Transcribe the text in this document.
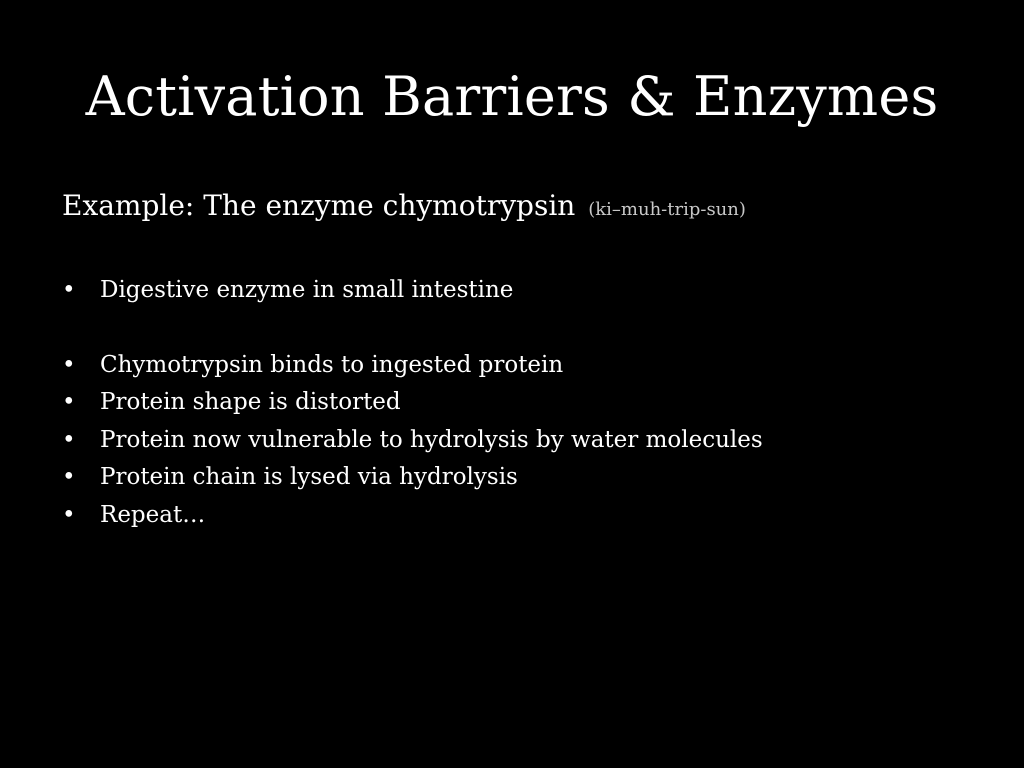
Activation Barriers & Enzymes
Example: The enzyme chymotrypsin (ki–muh-trip-sun)
• Digestive enzyme in small intestine
• Chymotrypsin binds to ingested protein
• Protein shape is distorted
• Protein now vulnerable to hydrolysis by water molecules
• Protein chain is lysed via hydrolysis
• Repeat…
